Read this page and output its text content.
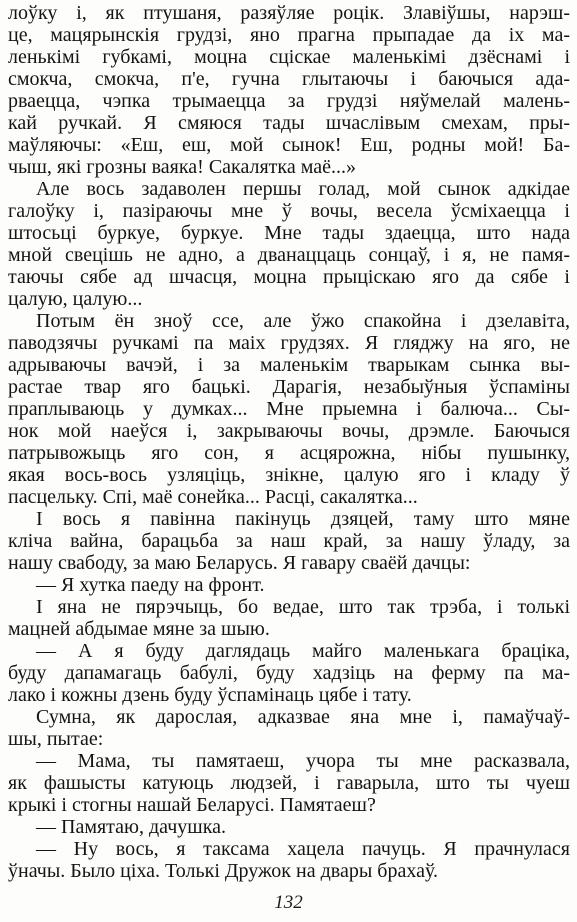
лоўку і, як птушаня, разяўляе роцік. Злавіўшы, нарэш-
це, мацярынскія грудзі, яно прагна прыпадае да іх ма-
ленькімі губкамі, моцна сціскае маленькімі дзёснамі і
смокча, смокча, п'е, гучна глытаючы і баючыся ада-
рваецца, чэпка трымаецца за грудзі няўмелай малень-
кай ручкай. Я смяюся тады шчаслівым смехам, пры-
маўляючы: «Еш, еш, мой сынок! Еш, родны мой! Ба-
чыш, які грозны ваяка! Сакалятка маё...»
Але вось задаволен першы голад, мой сынок адкідае
галоўку і, пазіраючы мне ў вочы, весела ўсміхаецца і
штосьці буркуе, буркуе. Мне тады здаецца, што нада
мной свецішь не адно, а дванаццаць сонцаў, і я, не памя-
таючы сябе ад шчасця, моцна прыціскаю яго да сябе і
цалую, цалую...
Потым ён зноў ссе, але ўжо спакойна і дзелавіта,
паводзячы ручкамі па маіх грудзях. Я гляджу на яго, не
адрываючы вачэй, і за маленькім тварыкам сынка вы-
растае твар яго бацькі. Дарагія, незабыўныя ўспаміны
праплываюць у думках... Мне прыемна і балюча... Сы-
нок мой наеўся і, закрываючы вочы, дрэмле. Баючыся
патрывожыць яго сон, я асцярожна, нібы пушынку,
якая вось-вось узляціць, знікне, цалую яго і кладу ў
пасцельку. Спі, маё сонейка... Расці, сакалятка...
І вось я павінна пакінуць дзяцей, таму што мяне
кліча вайна, барацьба за наш край, за нашу ўладу, за
нашу свабоду, за маю Беларусь. Я гавару сваёй дачцы:
— Я хутка паеду на фронт.
І яна не пярэчыць, бо ведае, што так трэба, і толькі
мацней абдымае мяне за шыю.
— А я буду даглядаць майго маленькага браціка,
буду дапамагаць бабулі, буду хадзіць на ферму па ма-
лако і кожны дзень буду ўспамінаць цябе і тату.
Сумна, як дарослая, адказвае яна мне і, памаўчаў-
шы, пытае:
— Мама, ты памятаеш, учора ты мне расказвала,
як фашысты катуюць людзей, і гаварыла, што ты чуеш
крыкі і стогны нашай Беларусі. Памятаеш?
— Памятаю, дачушка.
— Ну вось, я таксама хацела пачуць. Я прачнулася
ўначы. Было ціха. Толькі Дружок на двары брахаў.
132
